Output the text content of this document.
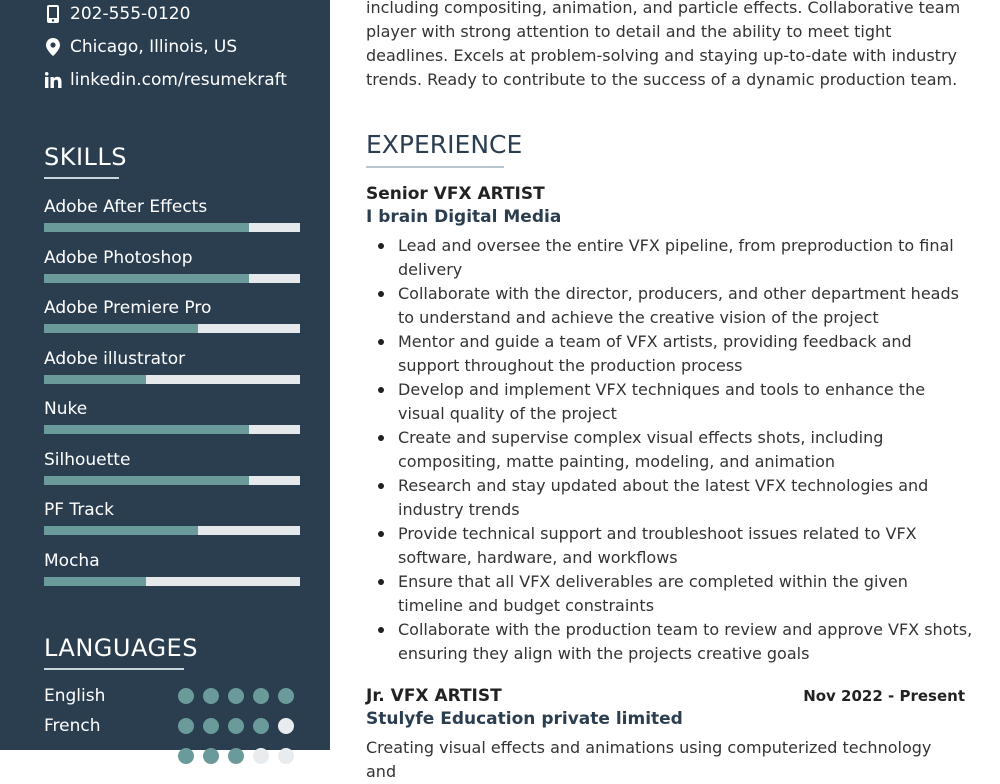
202-555-0120
Chicago, Illinois, US
linkedin.com/resumekraft
SKILLS
Adobe After Effects
Adobe Photoshop
Adobe Premiere Pro
Adobe illustrator
Nuke
Silhouette
PF Track
Mocha
LANGUAGES
English
French
including compositing, animation, and particle effects. Collaborative team player with strong attention to detail and the ability to meet tight deadlines. Excels at problem-solving and staying up-to-date with industry trends. Ready to contribute to the success of a dynamic production team.
EXPERIENCE
Senior VFX ARTIST
I brain Digital Media
Lead and oversee the entire VFX pipeline, from preproduction to final delivery
Collaborate with the director, producers, and other department heads to understand and achieve the creative vision of the project
Mentor and guide a team of VFX artists, providing feedback and support throughout the production process
Develop and implement VFX techniques and tools to enhance the visual quality of the project
Create and supervise complex visual effects shots, including compositing, matte painting, modeling, and animation
Research and stay updated about the latest VFX technologies and industry trends
Provide technical support and troubleshoot issues related to VFX software, hardware, and workflows
Ensure that all VFX deliverables are completed within the given timeline and budget constraints
Collaborate with the production team to review and approve VFX shots, ensuring they align with the projects creative goals
Jr. VFX ARTIST	Nov 2022 - Present
Stulyfe Education private limited
Creating visual effects and animations using computerized technology and
